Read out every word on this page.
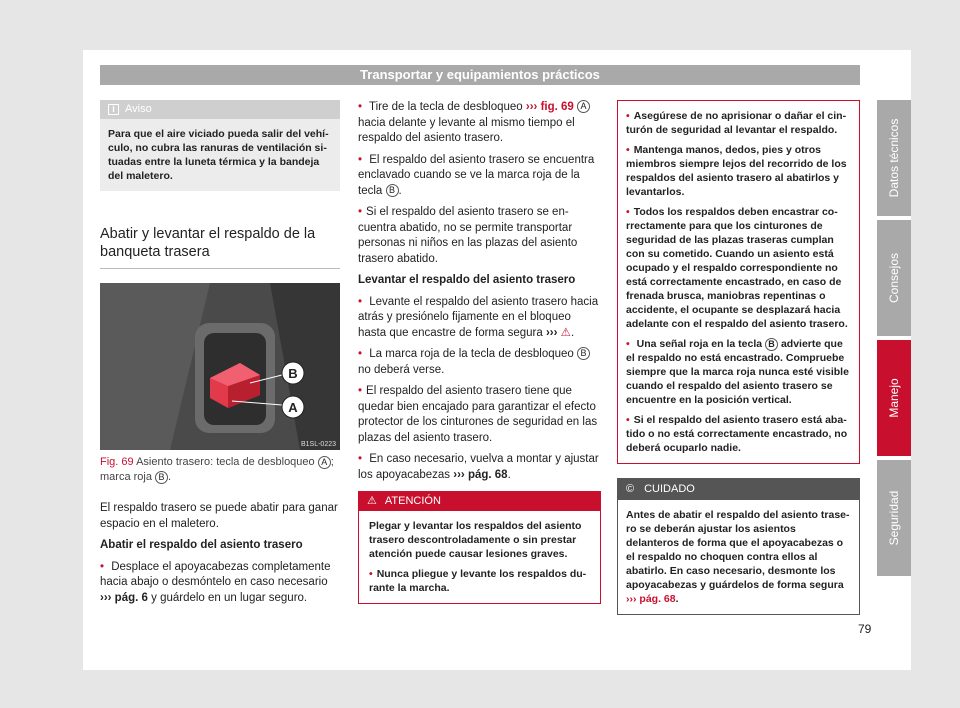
Transportar y equipamientos prácticos
i Aviso
Para que el aire viciado pueda salir del vehículo, no cubra las ranuras de ventilación situadas entre la luneta térmica y la bandeja del maletero.
Abatir y levantar el respaldo de la banqueta trasera
B
A
B1SL-0223
Fig. 69 Asiento trasero: tecla de desbloqueo A ; marca roja B .

El respaldo trasero se puede abatir para ganar espacio en el maletero.

Abatir el respaldo del asiento trasero

• Desplace el apoyacabezas completamente hacia abajo o desmóntelo en caso necesario ››› pág. 6 y guárdelo en un lugar seguro.

• Tire de la tecla de desbloqueo ››› fig. 69 A hacia delante y levante al mismo tiempo el respaldo del asiento trasero.

• El respaldo del asiento trasero se encuentra enclavado cuando se ve la marca roja de la tecla B .

• Si el respaldo del asiento trasero se encuentra abatido, no se permite transportar personas ni niños en las plazas del asiento trasero abatido.

Levantar el respaldo del asiento trasero

• Levante el respaldo del asiento trasero hacia atrás y presiónelo fijamente en el bloqueo hasta que encastre de forma segura ››› ⚠.

• La marca roja de la tecla de desbloqueo B no deberá verse.

• El respaldo del asiento trasero tiene que quedar bien encajado para garantizar el efecto protector de los cinturones de seguridad en las plazas del asiento trasero.

• En caso necesario, vuelva a montar y ajustar los apoyacabezas ››› pág. 68.

⚠ ATENCIÓN

Plegar y levantar los respaldos del asiento trasero descontroladamente o sin prestar atención puede causar lesiones graves.

• Nunca pliegue y levante los respaldos durante la marcha.

• Asegúrese de no aprisionar o dañar el cinturón de seguridad al levantar el respaldo.

• Mantenga manos, dedos, pies y otros miembros siempre lejos del recorrido de los respaldos del asiento trasero al abatirlos y levantarlos.

• Todos los respaldos deben encastrar correctamente para que los cinturones de seguridad de las plazas traseras cumplan con su cometido. Cuando un asiento está ocupado y el respaldo correspondiente no está correctamente encastrado, en caso de frenada brusca, maniobras repentinas o accidente, el ocupante se desplazará hacia adelante con el respaldo del asiento trasero.

• Una señal roja en la tecla B advierte que el respaldo no está encastrado. Compruebe siempre que la marca roja nunca esté visible cuando el respaldo del asiento trasero se encuentre en la posición vertical.

• Si el respaldo del asiento trasero está abatido o no está correctamente encastrado, no deberá ocuparlo nadie.

© CUIDADO
Antes de abatir el respaldo del asiento trasero se deberán ajustar los asientos delanteros de forma que el apoyacabezas o el respaldo no choquen contra ellos al abatirlo. En caso necesario, desmonte los apoyacabezas y guárdelos de forma segura ››› pág. 68.
Datos técnicos
Consejos
Manejo
Seguridad
79
